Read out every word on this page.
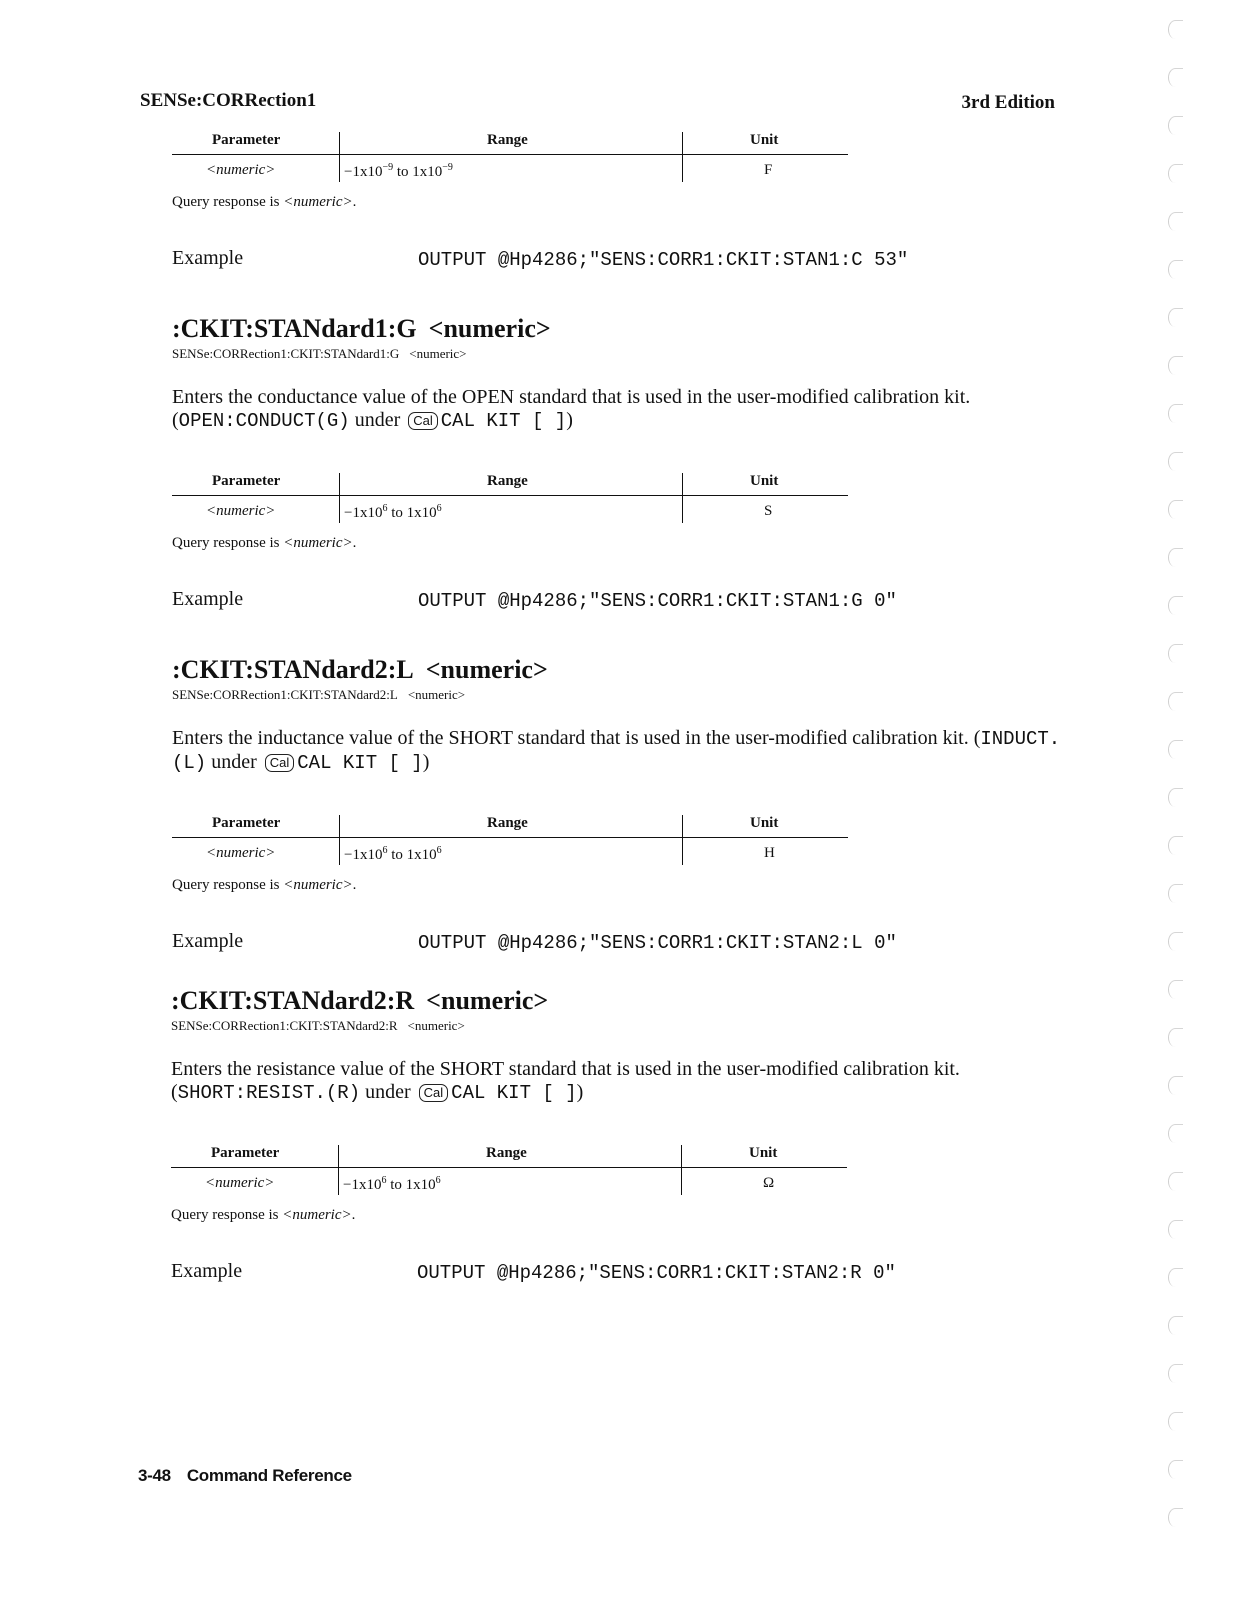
SENSe:CORRection1	3rd Edition
Parameter	Range	Unit
<numeric>	$-1x10^{-9}$ to $1x10^{-9}$	F
Query response is <numeric>.
Example	OUTPUT @Hp4286;"SENS:CORR1:CKIT:STAN1:C 53"
:CKIT:STANdard1:G <numeric>
SENSe:CORRection1:CKIT:STANdard1:G <numeric>
Enters the conductance value of the OPEN standard that is used in the user-modified calibration kit. (OPEN:CONDUCT(G) under Cal CAL KIT [ ])
Parameter	Range	Unit
<numeric>	$-1x10^6$ to $1x10^6$	S
Query response is <numeric>.
Example	OUTPUT @Hp4286;"SENS:CORR1:CKIT:STAN1:G 0"
:CKIT:STANdard2:L <numeric>
SENSe:CORRection1:CKIT:STANdard2:L <numeric>
Enters the inductance value of the SHORT standard that is used in the user-modified calibration kit. (INDUCT.(L) under Cal CAL KIT [ ])
Parameter	Range	Unit
<numeric>	$-1x10^6$ to $1x10^6$	H
Query response is <numeric>.
Example	OUTPUT @Hp4286;"SENS:CORR1:CKIT:STAN2:L 0"
:CKIT:STANdard2:R <numeric>
SENSe:CORRection1:CKIT:STANdard2:R <numeric>
Enters the resistance value of the SHORT standard that is used in the user-modified calibration kit. (SHORT:RESIST.(R) under Cal CAL KIT [ ])
Parameter	Range	Unit
<numeric>	$-1x10^6$ to $1x10^6$	Ω
Query response is <numeric>.
Example	OUTPUT @Hp4286;"SENS:CORR1:CKIT:STAN2:R 0"
3-48 Command Reference
